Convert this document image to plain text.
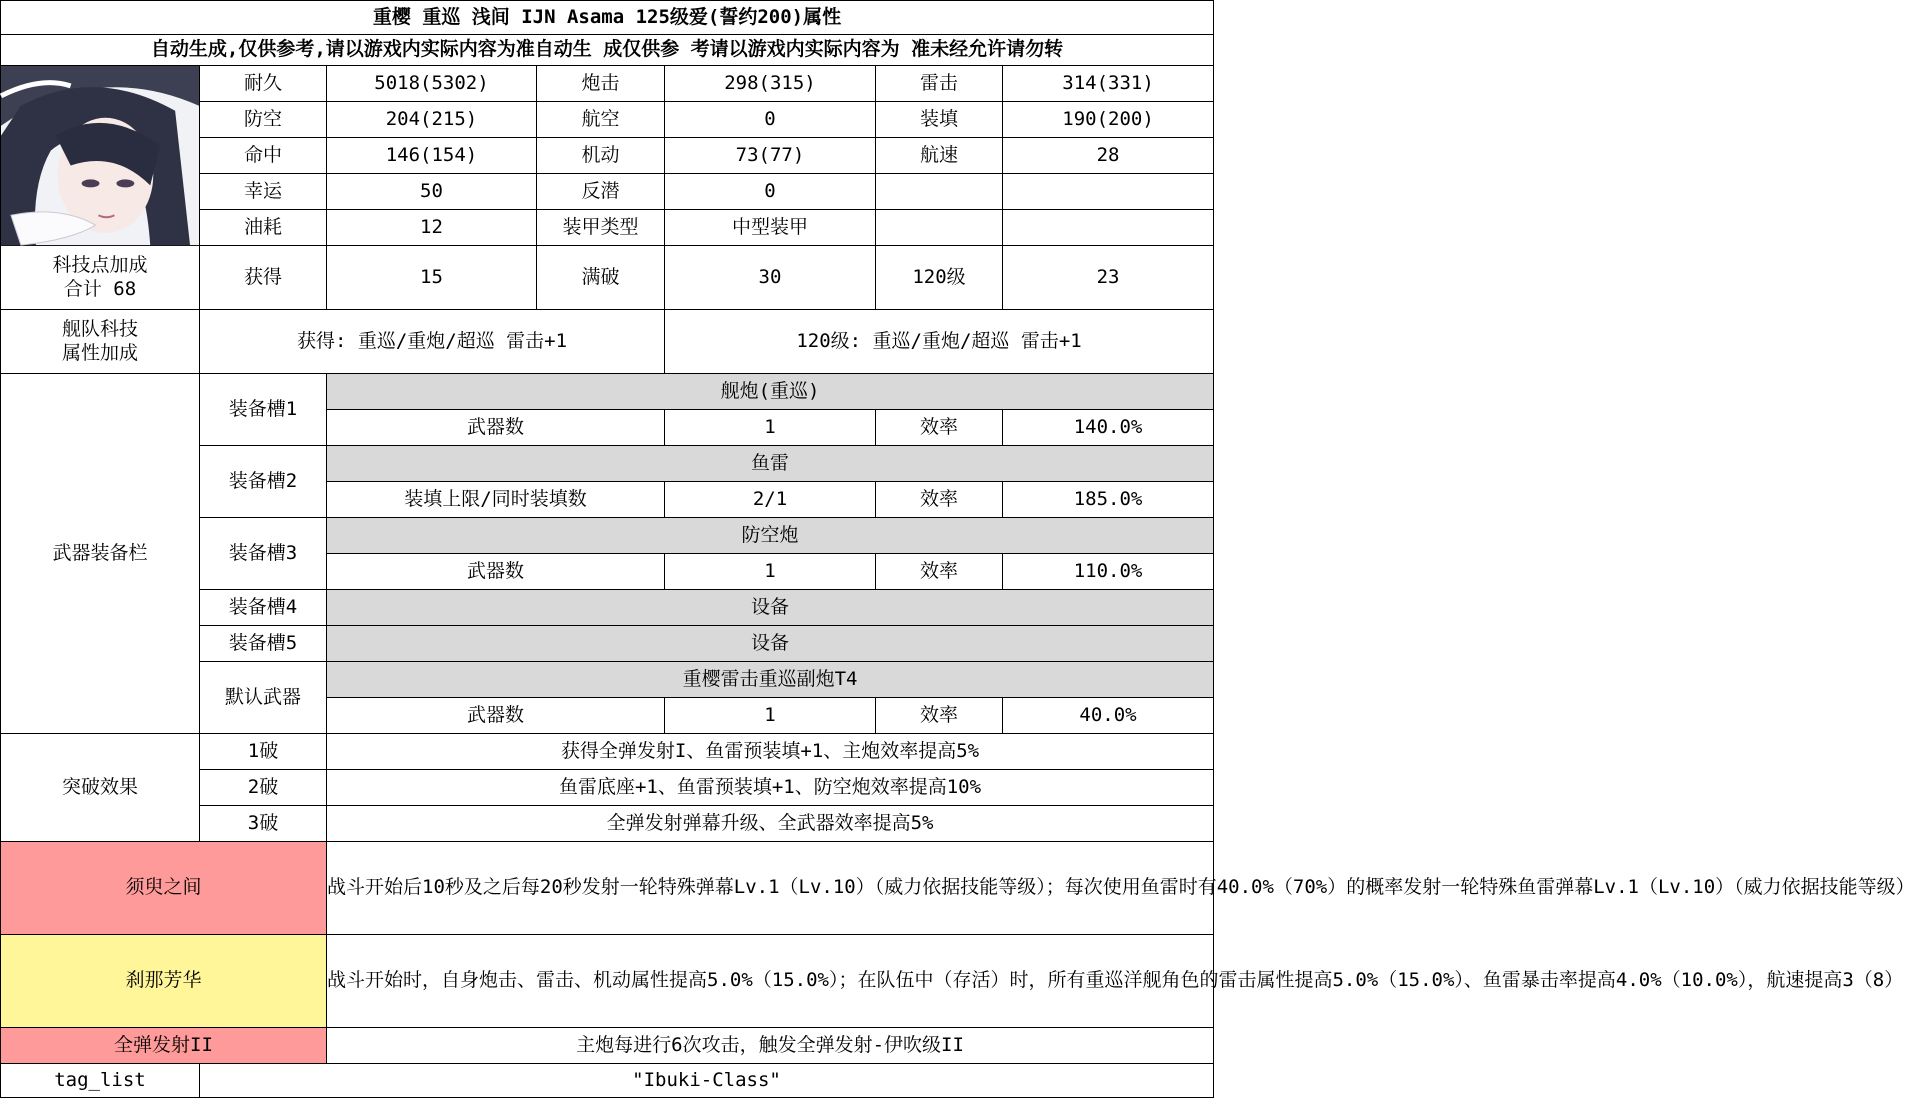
重樱 重巡 浅间 IJN Asama 125级爱(誓约200)属性						
自动生成,仅供参考,请以游戏内实际内容为准自动生 成仅供参 考请以游戏内实际内容为 准未经允许请勿转						

	耐久	5018(5302)	炮击	298(315)	雷击	314(331)
	防空	204(215)	航空	0	装填	190(200)
	命中	146(154)	机动	73(77)	航速	28
	幸运	50	反潜	0		
	油耗	12	装甲类型	中型装甲		

科技点加成
合计 68	获得	15	满破	30	120级	23

舰队科技
属性加成	获得: 重巡/重炮/超巡 雷击+1			120级: 重巡/重炮/超巡 雷击+1		
武器装备栏	装备槽1	舰炮(重巡)				
		武器数		1	效率	140.0%
	装备槽2	鱼雷				
		装填上限/同时装填数		2/1	效率	185.0%
	装备槽3	防空炮				
		武器数		1	效率	110.0%
	装备槽4	设备				
	装备槽5	设备				
	默认武器	重樱雷击重巡副炮T4				
		武器数		1	效率	40.0%
突破效果	1破	获得全弹发射I、鱼雷预装填+1、主炮效率提高5%				
	2破	鱼雷底座+1、鱼雷预装填+1、防空炮效率提高10%				
	3破	全弹发射弹幕升级、全武器效率提高5%				
须臾之间		战斗开始后10秒及之后每20秒发射一轮特殊弹幕Lv.1（Lv.10）（威力依据技能等级）；每次使用鱼雷时有40.0%（70%）的概率发射一轮特殊鱼雷弹幕Lv.1（Lv.10）（威力依据技能等级）				
刹那芳华		战斗开始时，自身炮击、雷击、机动属性提高5.0%（15.0%）；在队伍中（存活）时，所有重巡洋舰角色的雷击属性提高5.0%（15.0%）、鱼雷暴击率提高4.0%（10.0%），航速提高3（8）				
全弹发射II		主炮每进行6次攻击，触发全弹发射-伊吹级II				
tag_list	"Ibuki-Class"					
